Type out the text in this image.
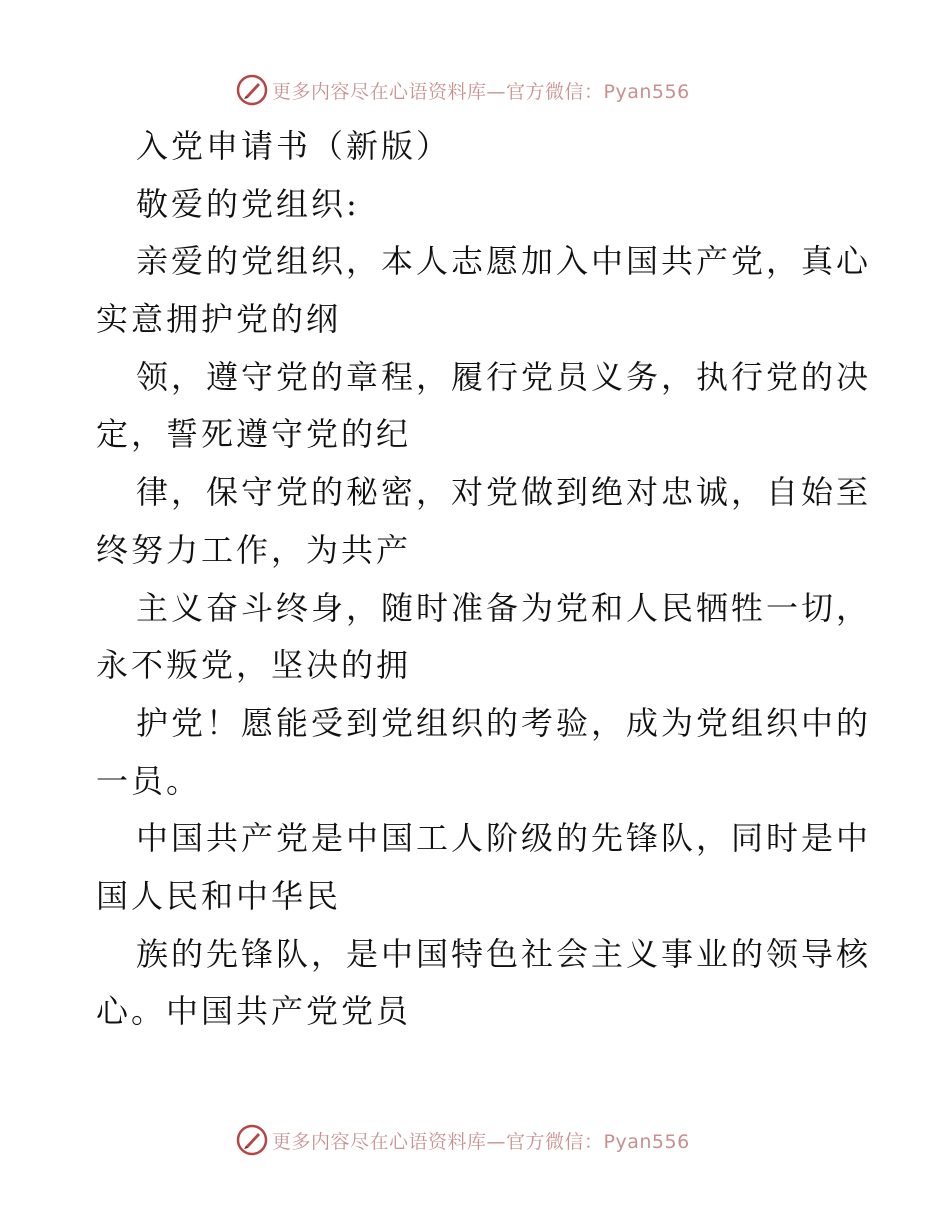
更多内容尽在心语资料库—官方微信：Pyan556
入党申请书（新版）
敬爱的党组织:
亲爱的党组织，本人志愿加入中国共产党，真心
实意拥护党的纲
领，遵守党的章程，履行党员义务，执行党的决
定，誓死遵守党的纪
律，保守党的秘密，对党做到绝对忠诚，自始至
终努力工作，为共产
主义奋斗终身，随时准备为党和人民牺牲一切，
永不叛党，坚决的拥
护党！愿能受到党组织的考验，成为党组织中的
一员。
中国共产党是中国工人阶级的先锋队，同时是中
国人民和中华民
族的先锋队，是中国特色社会主义事业的领导核
心。中国共产党党员
更多内容尽在心语资料库—官方微信：Pyan556
